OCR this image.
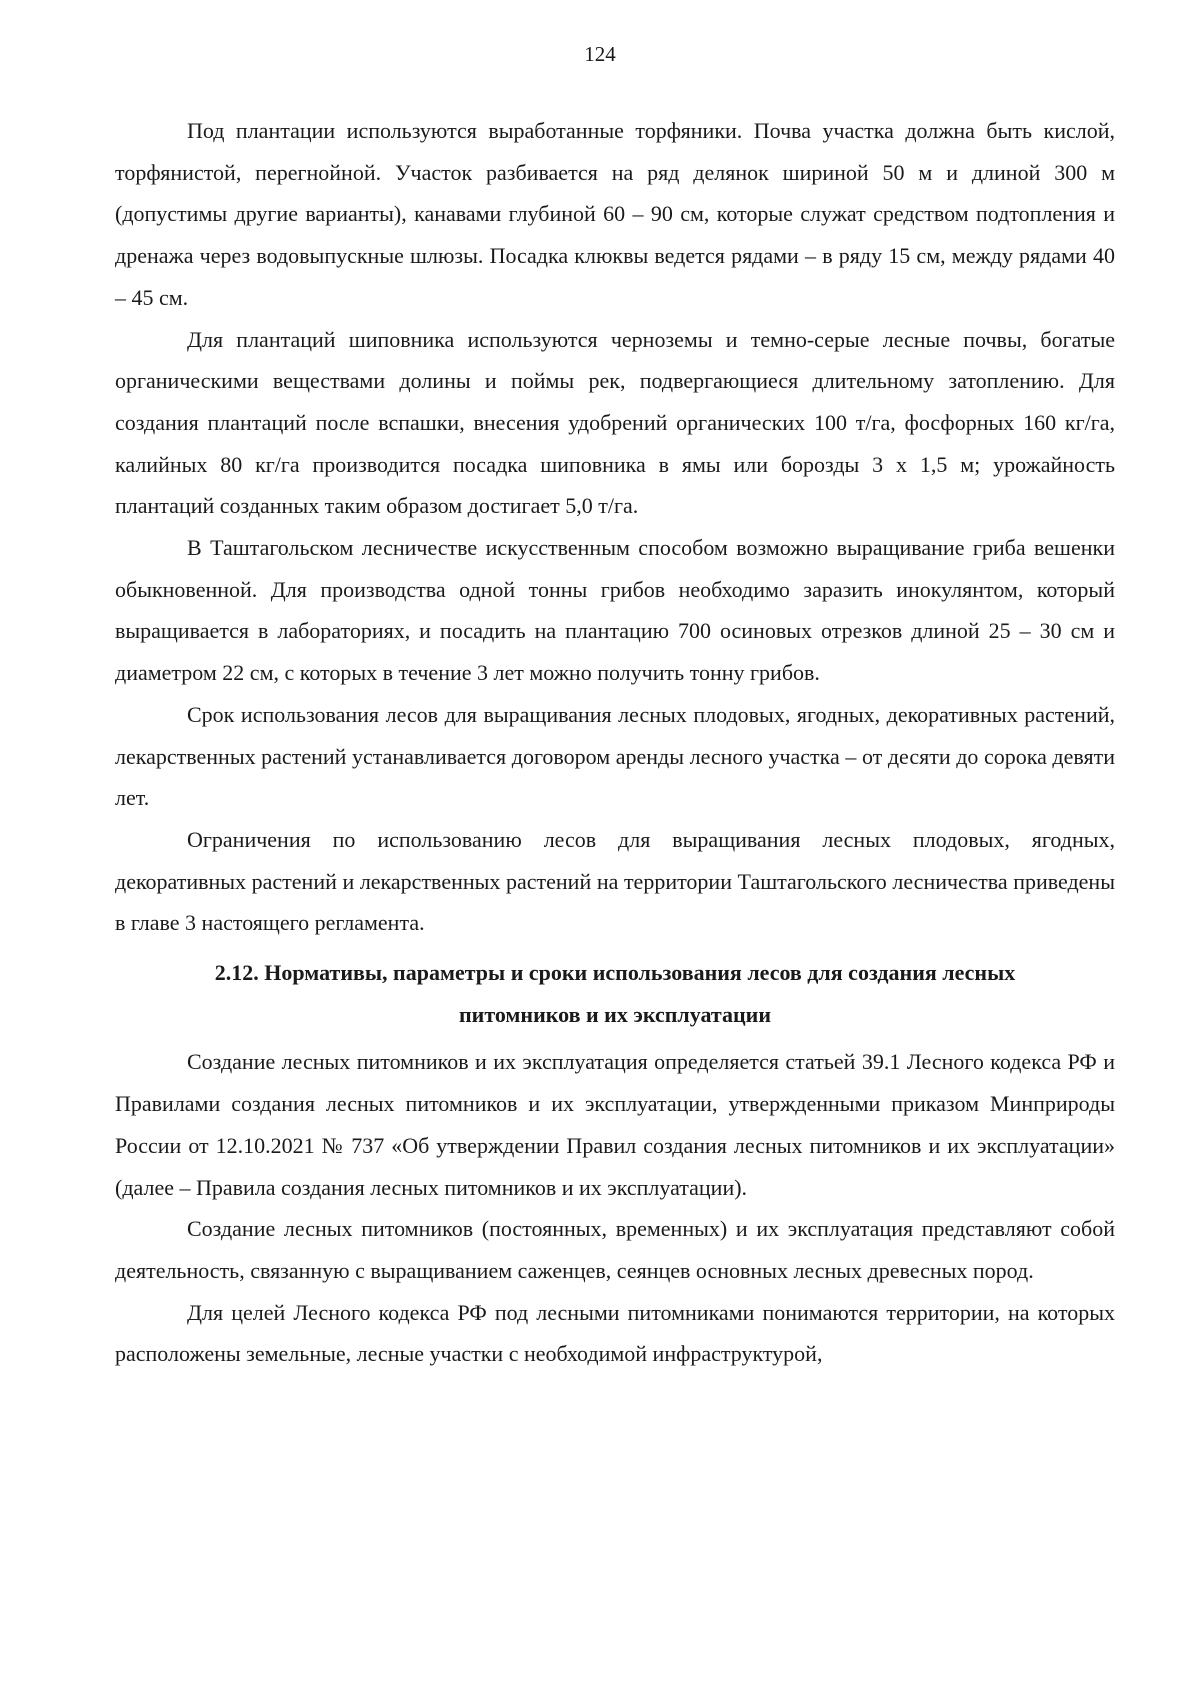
124

Под плантации используются выработанные торфяники. Почва участка должна быть кислой, торфянистой, перегнойной. Участок разбивается на ряд делянок шириной 50 м и длиной 300 м (допустимы другие варианты), канавами глубиной 60 – 90 см, которые служат средством подтопления и дренажа через водовыпускные шлюзы. Посадка клюквы ведется рядами – в ряду 15 см, между рядами 40 – 45 см.

Для плантаций шиповника используются черноземы и темно-серые лесные почвы, богатые органическими веществами долины и поймы рек, подвергающиеся длительному затоплению. Для создания плантаций после вспашки, внесения удобрений органических 100 т/га, фосфорных 160 кг/га, калийных 80 кг/га производится посадка шиповника в ямы или борозды 3 х 1,5 м; урожайность плантаций созданных таким образом достигает 5,0 т/га.

В Таштагольском лесничестве искусственным способом возможно выращивание гриба вешенки обыкновенной. Для производства одной тонны грибов необходимо заразить инокулянтом, который выращивается в лабораториях, и посадить на плантацию 700 осиновых отрезков длиной 25 – 30 см и диаметром 22 см, с которых в течение 3 лет можно получить тонну грибов.

Срок использования лесов для выращивания лесных плодовых, ягодных, декоративных растений, лекарственных растений устанавливается договором аренды лесного участка – от десяти до сорока девяти лет.

Ограничения по использованию лесов для выращивания лесных плодовых, ягодных, декоративных растений и лекарственных растений на территории Таштагольского лесничества приведены в главе 3 настоящего регламента.

2.12. Нормативы, параметры и сроки использования лесов для создания лесных питомников и их эксплуатации

Создание лесных питомников и их эксплуатация определяется статьей 39.1 Лесного кодекса РФ и Правилами создания лесных питомников и их эксплуатации, утвержденными приказом Минприроды России от 12.10.2021 № 737 «Об утверждении Правил создания лесных питомников и их эксплуатации» (далее – Правила создания лесных питомников и их эксплуатации).

Создание лесных питомников (постоянных, временных) и их эксплуатация представляют собой деятельность, связанную с выращиванием саженцев, сеянцев основных лесных древесных пород.

Для целей Лесного кодекса РФ под лесными питомниками понимаются территории, на которых расположены земельные, лесные участки с необходимой инфраструктурой,
